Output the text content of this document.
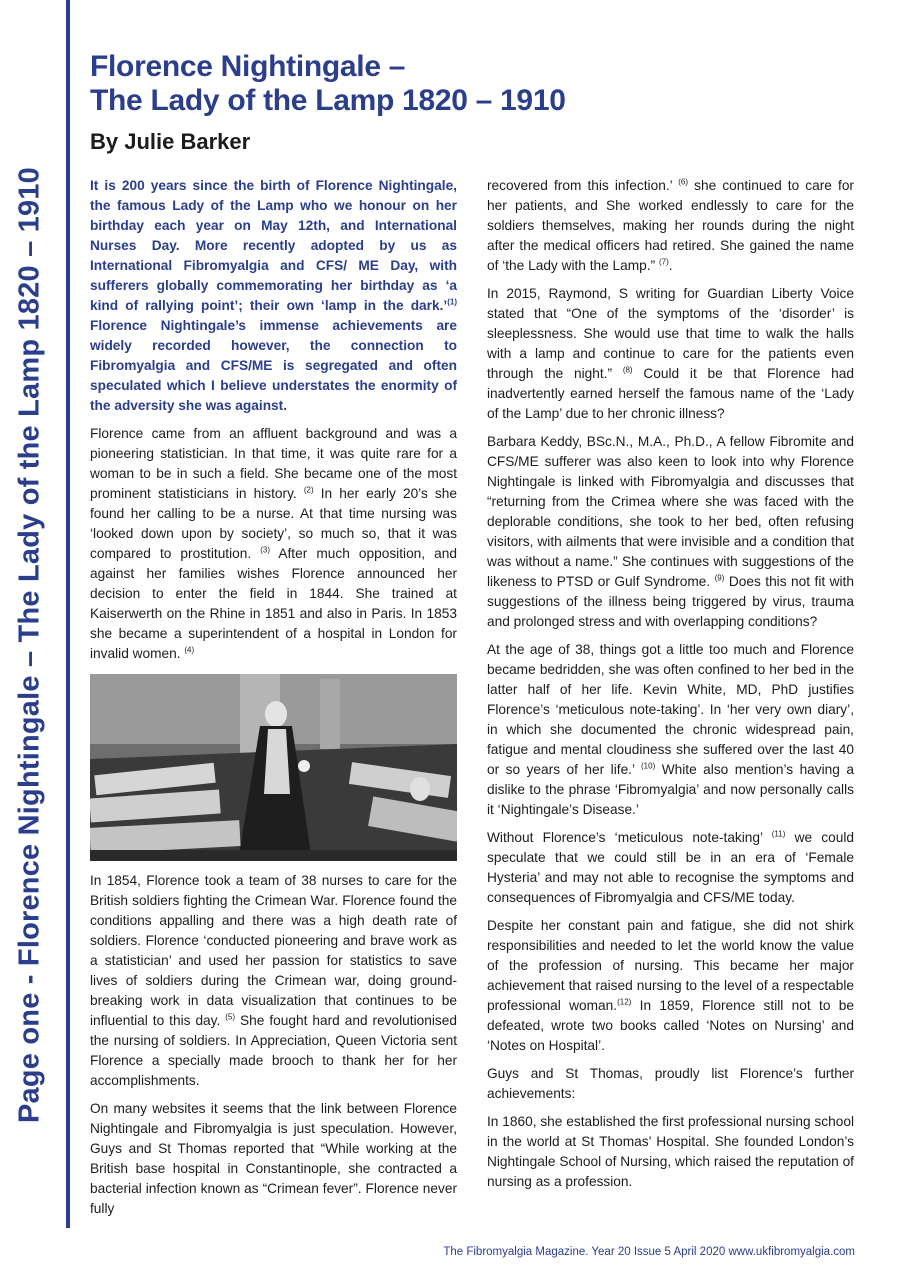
Page one - Florence Nightingale – The Lady of the Lamp 1820 – 1910
Florence Nightingale –
The Lady of the Lamp 1820 – 1910
By Julie Barker

It is 200 years since the birth of Florence Nightingale, the famous Lady of the Lamp who we honour on her birthday each year on May 12th, and International Nurses Day. More recently adopted by us as International Fibromyalgia and CFS/ ME Day, with sufferers globally commemorating her birthday as ‘a kind of rallying point’; their own ‘lamp in the dark.’$^{(1)}$ Florence Nightingale’s immense achievements are widely recorded however, the connection to Fibromyalgia and CFS/ME is segregated and often speculated which I believe understates the enormity of the adversity she was against.

Florence came from an affluent background and was a pioneering statistician. In that time, it was quite rare for a woman to be in such a field. She became one of the most prominent statisticians in history. $^{(2)}$ In her early 20’s she found her calling to be a nurse. At that time nursing was ‘looked down upon by society’, so much so, that it was compared to prostitution. $^{(3)}$ After much opposition, and against her families wishes Florence announced her decision to enter the field in 1844. She trained at Kaiserwerth on the Rhine in 1851 and also in Paris. In 1853 she became a superintendent of a hospital in London for invalid women. $^{(4)}$

In 1854, Florence took a team of 38 nurses to care for the British soldiers fighting the Crimean War. Florence found the conditions appalling and there was a high death rate of soldiers. Florence ‘conducted pioneering and brave work as a statistician’ and used her passion for statistics to save lives of soldiers during the Crimean war, doing ground-breaking work in data visualization that continues to be influential to this day. $^{(5)}$ She fought hard and revolutionised the nursing of soldiers. In Appreciation, Queen Victoria sent Florence a specially made brooch to thank her for her accomplishments.

On many websites it seems that the link between Florence Nightingale and Fibromyalgia is just speculation. However, Guys and St Thomas reported that “While working at the British base hospital in Constantinople, she contracted a bacterial infection known as “Crimean fever”. Florence never fully

recovered from this infection.’ $^{(6)}$ she continued to care for her patients, and She worked endlessly to care for the soldiers themselves, making her rounds during the night after the medical officers had retired. She gained the name of ‘the Lady with the Lamp.” $^{(7)}$.

In 2015, Raymond, S writing for Guardian Liberty Voice stated that “One of the symptoms of the ‘disorder’ is sleeplessness. She would use that time to walk the halls with a lamp and continue to care for the patients even through the night.” $^{(8)}$ Could it be that Florence had inadvertently earned herself the famous name of the ‘Lady of the Lamp’ due to her chronic illness?

Barbara Keddy, BSc.N., M.A., Ph.D., A fellow Fibromite and CFS/ME sufferer was also keen to look into why Florence Nightingale is linked with Fibromyalgia and discusses that “returning from the Crimea where she was faced with the deplorable conditions, she took to her bed, often refusing visitors, with ailments that were invisible and a condition that was without a name.” She continues with suggestions of the likeness to PTSD or Gulf Syndrome. $^{(9)}$ Does this not fit with suggestions of the illness being triggered by virus, trauma and prolonged stress and with overlapping conditions?

At the age of 38, things got a little too much and Florence became bedridden, she was often confined to her bed in the latter half of her life. Kevin White, MD, PhD justifies Florence’s ‘meticulous note-taking’. In ‘her very own diary’, in which she documented the chronic widespread pain, fatigue and mental cloudiness she suffered over the last 40 or so years of her life.’ $^{(10)}$ White also mention’s having a dislike to the phrase ‘Fibromyalgia’ and now personally calls it ‘Nightingale’s Disease.’

Without Florence’s ‘meticulous note-taking’ $^{(11)}$ we could speculate that we could still be in an era of ‘Female Hysteria’ and may not able to recognise the symptoms and consequences of Fibromyalgia and CFS/ME today.

Despite her constant pain and fatigue, she did not shirk responsibilities and needed to let the world know the value of the profession of nursing. This became her major achievement that raised nursing to the level of a respectable professional woman.$^{(12)}$ In 1859, Florence still not to be defeated, wrote two books called ‘Notes on Nursing’ and ‘Notes on Hospital’.

Guys and St Thomas, proudly list Florence’s further achievements:

In 1860, she established the first professional nursing school in the world at St Thomas’ Hospital. She founded London’s Nightingale School of Nursing, which raised the reputation of nursing as a profession.

The Fibromyalgia Magazine. Year 20 Issue 5 April 2020 www.ukfibromyalgia.com
